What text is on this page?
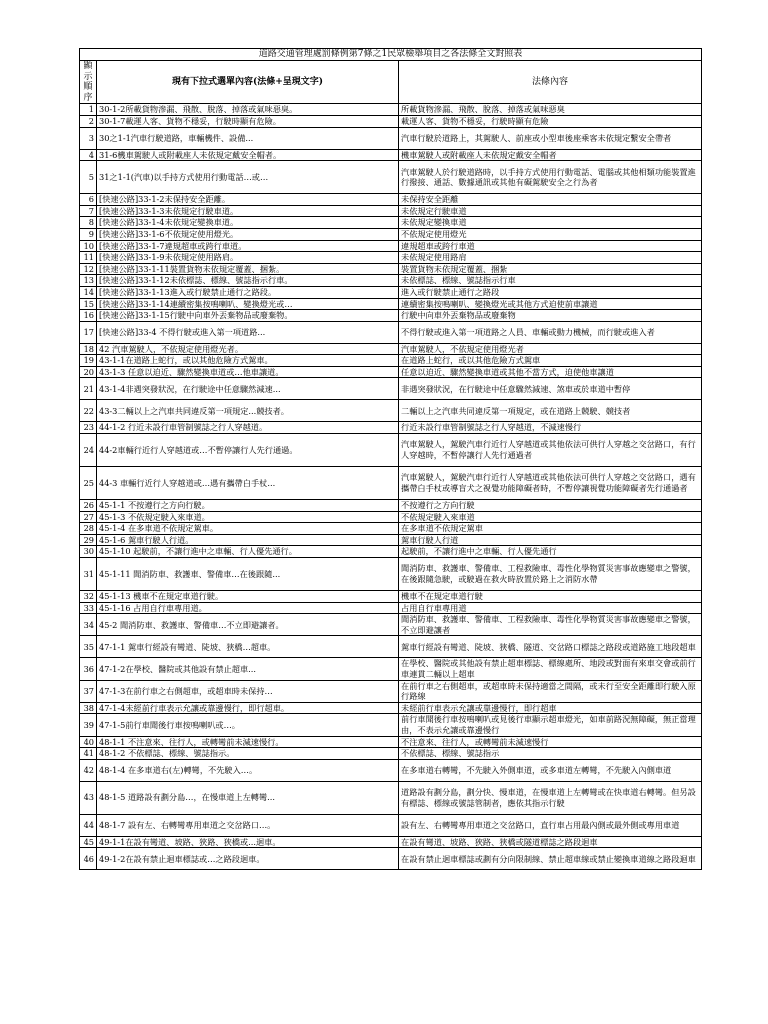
道路交通管理處罰條例第7條之1民眾檢舉項目之各法條全文對照表		
顯示順序	現有下拉式選單內容(法條+呈現文字)	法條內容
1	30-1-2所載貨物滲漏、飛散、脫落、掉落或氣味惡臭。	所載貨物滲漏、飛散、脫落、掉落或氣味惡臭
2	30-1-7載運人客、貨物不穩妥，行駛時顯有危險。	載運人客、貨物不穩妥，行駛時顯有危險
3	30之1-1汽車行駛道路，車輛機件、設備...	汽車行駛於道路上，其駕駛人、前座或小型車後座乘客未依規定繫安全帶者
4	31-6機車駕駛人或附載座人未依規定戴安全帽者。	機車駕駛人或附載座人未依規定戴安全帽者
5	31之1-1(汽車)以手持方式使用行動電話…或…	汽車駕駛人於行駛道路時，以手持方式使用行動電話、電腦或其他相類功能裝置進行撥接、通話、數據通訊或其他有礙駕駛安全之行為者
6	[快速公路]33-1-2未保持安全距離。	未保持安全距離
7	[快速公路]33-1-3未依規定行駛車道。	未依規定行駛車道
8	[快速公路]33-1-4未依規定變換車道。	未依規定變換車道
9	[快速公路]33-1-6不依規定使用燈光。	不依規定使用燈光
10	[快速公路]33-1-7違規超車或跨行車道。	違規超車或跨行車道
11	[快速公路]33-1-9未依規定使用路肩。	未依規定使用路肩
12	[快速公路]33-1-11裝置貨物未依規定覆蓋、捆紮。	裝置貨物未依規定覆蓋、捆紮
13	[快速公路]33-1-12未依標誌、標線、號誌指示行車。	未依標誌、標線、號誌指示行車
14	[快速公路]33-1-13進入或行駛禁止通行之路段。	進入或行駛禁止通行之路段
15	[快速公路]33-1-14連續密集按鳴喇叭、變換燈光或…	連續密集按鳴喇叭、變換燈光或其他方式迫使前車讓道
16	[快速公路]33-1-15行駛中向車外丟棄物品或廢棄物。	行駛中向車外丟棄物品或廢棄物
17	[快速公路]33-4 不得行駛或進入第一項道路...	不得行駛或進入第一項道路之人員、車輛或動力機械，而行駛或進入者
18	42 汽車駕駛人，不依規定使用燈光者。	汽車駕駛人，不依規定使用燈光者
19	43-1-1在道路上蛇行，或以其他危險方式駕車。	在道路上蛇行，或以其他危險方式駕車
20	43-1-3 任意以迫近、驟然變換車道或…他車讓道。	任意以迫近、驟然變換車道或其他不當方式，迫使他車讓道
21	43-1-4非遇突發狀況，在行駛途中任意驟然減速...	非遇突發狀況，在行駛途中任意驟然減速、煞車或於車道中暫停
22	43-3二輛以上之汽車共同違反第一項規定...競技者。	二輛以上之汽車共同違反第一項規定，或在道路上競駛、競技者
23	44-1-2 行近未設行車管制號誌之行人穿越道。	行近未設行車管制號誌之行人穿越道，不減速慢行
24	44-2車輛行近行人穿越道或…不暫停讓行人先行通過。	汽車駕駛人，駕駛汽車行近行人穿越道或其他依法可供行人穿越之交岔路口，有行人穿越時，不暫停讓行人先行通過者
25	44-3 車輛行近行人穿越道或…遇有攜帶白手杖...	汽車駕駛人，駕駛汽車行近行人穿越道或其他依法可供行人穿越之交岔路口，遇有攜帶白手杖或導盲犬之視覺功能障礙者時，不暫停讓視覺功能障礙者先行通過者
26	45-1-1 不按遵行之方向行駛。	不按遵行之方向行駛
27	45-1-3 不依規定駛入來車道。	不依規定駛入來車道
28	45-1-4 在多車道不依規定駕車。	在多車道不依規定駕車
29	45-1-6 駕車行駛人行道。	駕車行駛人行道
30	45-1-10 起駛前，不讓行進中之車輛、行人優先通行。	起駛前，不讓行進中之車輛、行人優先通行
31	45-1-11 聞消防車、救護車、警備車…在後跟隨...	聞消防車、救護車、警備車、工程救險車、毒性化學物質災害事故應變車之警號，在後跟隨急駛，或駛過在救火時放置於路上之消防水帶
32	45-1-13 機車不在規定車道行駛。	機車不在規定車道行駛
33	45-1-16 占用自行車專用道。	占用自行車專用道
34	45-2 聞消防車、救護車、警備車…不立即避讓者。	聞消防車、救護車、警備車、工程救險車、毒性化學物質災害事故應變車之警號，不立即避讓者
35	47-1-1 駕車行經設有彎道、陡坡、狹橋…超車。	駕車行經設有彎道、陡坡、狹橋、隧道、交岔路口標誌之路段或道路施工地段超車
36	47-1-2在學校、醫院或其他設有禁止超車...	在學校、醫院或其他設有禁止超車標誌、標線處所、地段或對面有來車交會或前行車連貫二輛以上超車
37	47-1-3在前行車之右側超車，或超車時未保持…	在前行車之右側超車，或超車時未保持適當之間隔，或未行至安全距離即行駛入原行路線
38	47-1-4未經前行車表示允讓或靠邊慢行，即行超車。	未經前行車表示允讓或靠邊慢行，即行超車
39	47-1-5前行車聞後行車按鳴喇叭或…。	前行車聞後行車按鳴喇叭或見後行車顯示超車燈光，如車前路況無障礙，無正當理由，不表示允讓或靠邊慢行
40	48-1-1 不注意來、往行人，或轉彎前未減速慢行。	不注意來、往行人，或轉彎前未減速慢行
41	48-1-2 不依標誌、標線、號誌指示。	不依標誌、標線、號誌指示
42	48-1-4 在多車道右(左)轉彎，不先駛入…。	在多車道右轉彎，不先駛入外側車道，或多車道左轉彎，不先駛入內側車道
43	48-1-5 道路設有劃分島…，在慢車道上左轉彎...	道路設有劃分島，劃分快、慢車道，在慢車道上左轉彎或在快車道右轉彎。但另設有標誌、標線或號誌管制者，應依其指示行駛
44	48-1-7 設有左、右轉彎專用車道之交岔路口…。	設有左、右轉彎專用車道之交岔路口，直行車占用最內側或最外側或專用車道
45	49-1-1在設有彎道、坡路、狹路、狹橋或...迴車。	在設有彎道、坡路、狹路、狹橋或隧道標誌之路段迴車
46	49-1-2在設有禁止迴車標誌或…之路段迴車。	在設有禁止迴車標誌或劃有分向限制線、禁止超車線或禁止變換車道線之路段迴車
